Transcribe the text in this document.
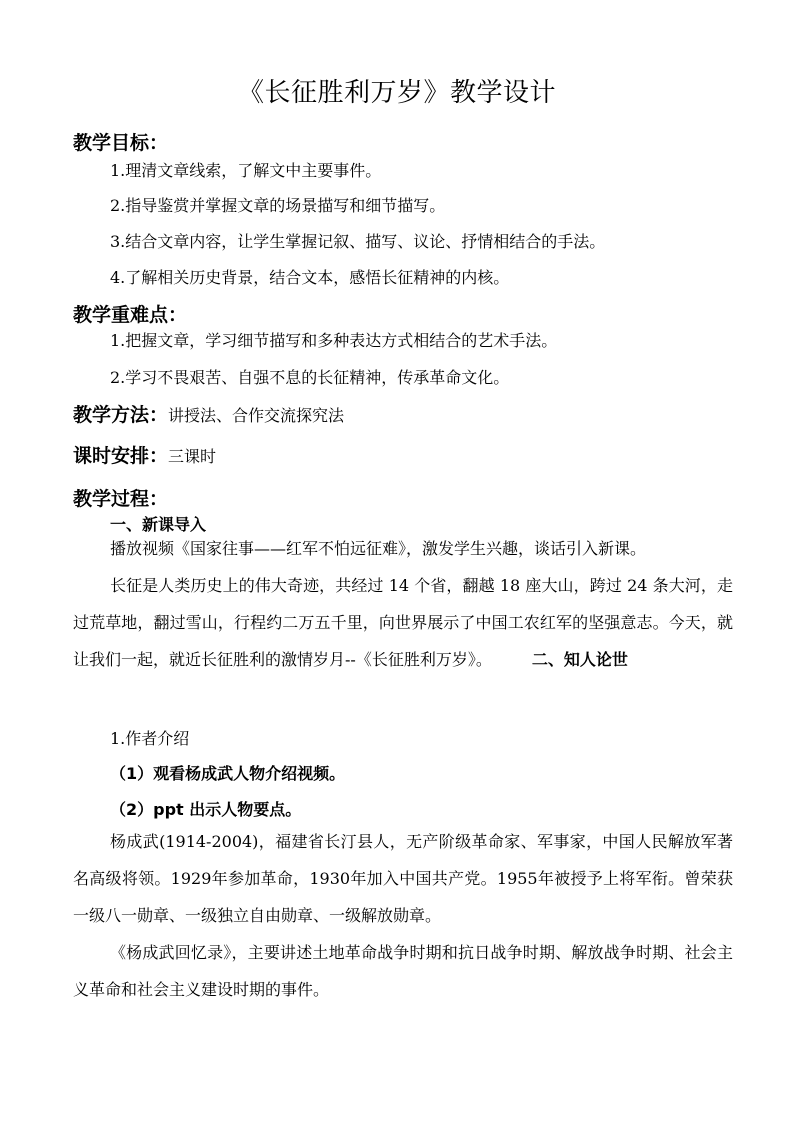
《长征胜利万岁》教学设计
教学目标：
1.理清文章线索，了解文中主要事件。
2.指导鉴赏并掌握文章的场景描写和细节描写。
3.结合文章内容，让学生掌握记叙、描写、议论、抒情相结合的手法。
4.了解相关历史背景，结合文本，感悟长征精神的内核。
教学重难点：
1.把握文章，学习细节描写和多种表达方式相结合的艺术手法。
2.学习不畏艰苦、自强不息的长征精神，传承革命文化。
教学方法：讲授法、合作交流探究法
课时安排：三课时
教学过程：
一、新课导入
播放视频《国家往事——红军不怕远征难》，激发学生兴趣，谈话引入新课。
长征是人类历史上的伟大奇迹，共经过 14 个省，翻越 18 座大山，跨过 24 条大河，走过荒草地，翻过雪山，行程约二万五千里，向世界展示了中国工农红军的坚强意志。今天，就让我们一起，就近长征胜利的激情岁月--《长征胜利万岁》。	二、知人论世
1.作者介绍
（1）观看杨成武人物介绍视频。
（2）ppt 出示人物要点。
杨成武(1914-2004)，福建省长汀县人，无产阶级革命家、军事家，中国人民解放军著名高级将领。1929年参加革命，1930年加入中国共产党。1955年被授予上将军衔。曾荣获一级八一勋章、一级独立自由勋章、一级解放勋章。
《杨成武回忆录》，主要讲述土地革命战争时期和抗日战争时期、解放战争时期、社会主义革命和社会主义建设时期的事件。
